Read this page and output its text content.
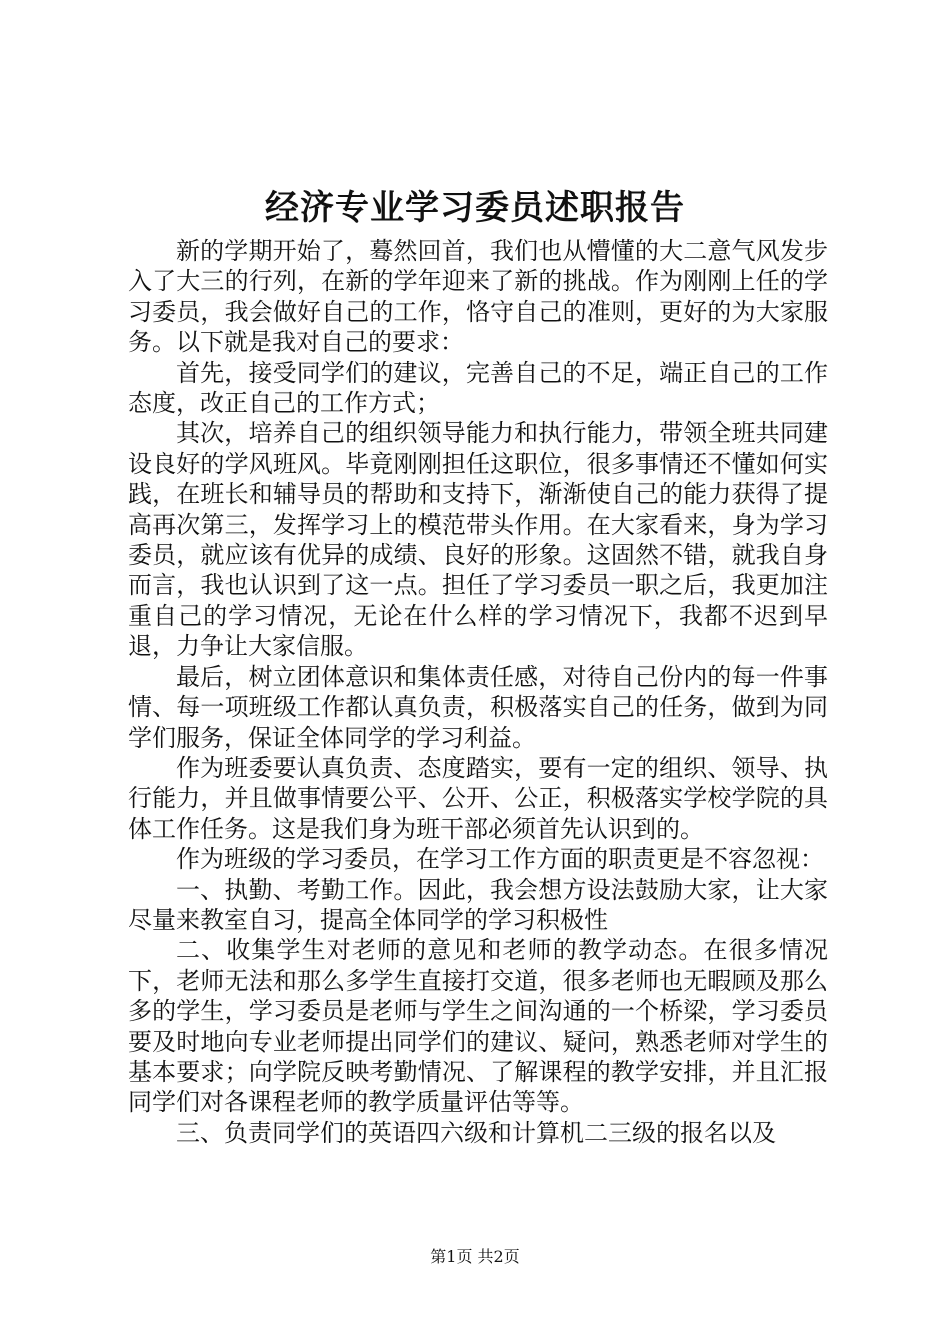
经济专业学习委员述职报告

新的学期开始了，蓦然回首，我们也从懵懂的大二意气风发步入了大三的行列，在新的学年迎来了新的挑战。作为刚刚上任的学习委员，我会做好自己的工作，恪守自己的准则，更好的为大家服务。以下就是我对自己的要求：

首先，接受同学们的建议，完善自己的不足，端正自己的工作态度，改正自己的工作方式；

其次，培养自己的组织领导能力和执行能力，带领全班共同建设良好的学风班风。毕竟刚刚担任这职位，很多事情还不懂如何实践，在班长和辅导员的帮助和支持下，渐渐使自己的能力获得了提高再次第三，发挥学习上的模范带头作用。在大家看来，身为学习委员，就应该有优异的成绩、良好的形象。这固然不错，就我自身而言，我也认识到了这一点。担任了学习委员一职之后，我更加注重自己的学习情况，无论在什么样的学习情况下，我都不迟到早退，力争让大家信服。

最后，树立团体意识和集体责任感，对待自己份内的每一件事情、每一项班级工作都认真负责，积极落实自己的任务，做到为同学们服务，保证全体同学的学习利益。

作为班委要认真负责、态度踏实，要有一定的组织、领导、执行能力，并且做事情要公平、公开、公正，积极落实学校学院的具体工作任务。这是我们身为班干部必须首先认识到的。

作为班级的学习委员，在学习工作方面的职责更是不容忽视：

一、执勤、考勤工作。因此，我会想方设法鼓励大家，让大家尽量来教室自习，提高全体同学的学习积极性

二、收集学生对老师的意见和老师的教学动态。在很多情况下，老师无法和那么多学生直接打交道，很多老师也无暇顾及那么多的学生，学习委员是老师与学生之间沟通的一个桥梁，学习委员要及时地向专业老师提出同学们的建议、疑问，熟悉老师对学生的基本要求；向学院反映考勤情况、了解课程的教学安排，并且汇报同学们对各课程老师的教学质量评估等等。

三、负责同学们的英语四六级和计算机二三级的报名以及

第1页 共2页
